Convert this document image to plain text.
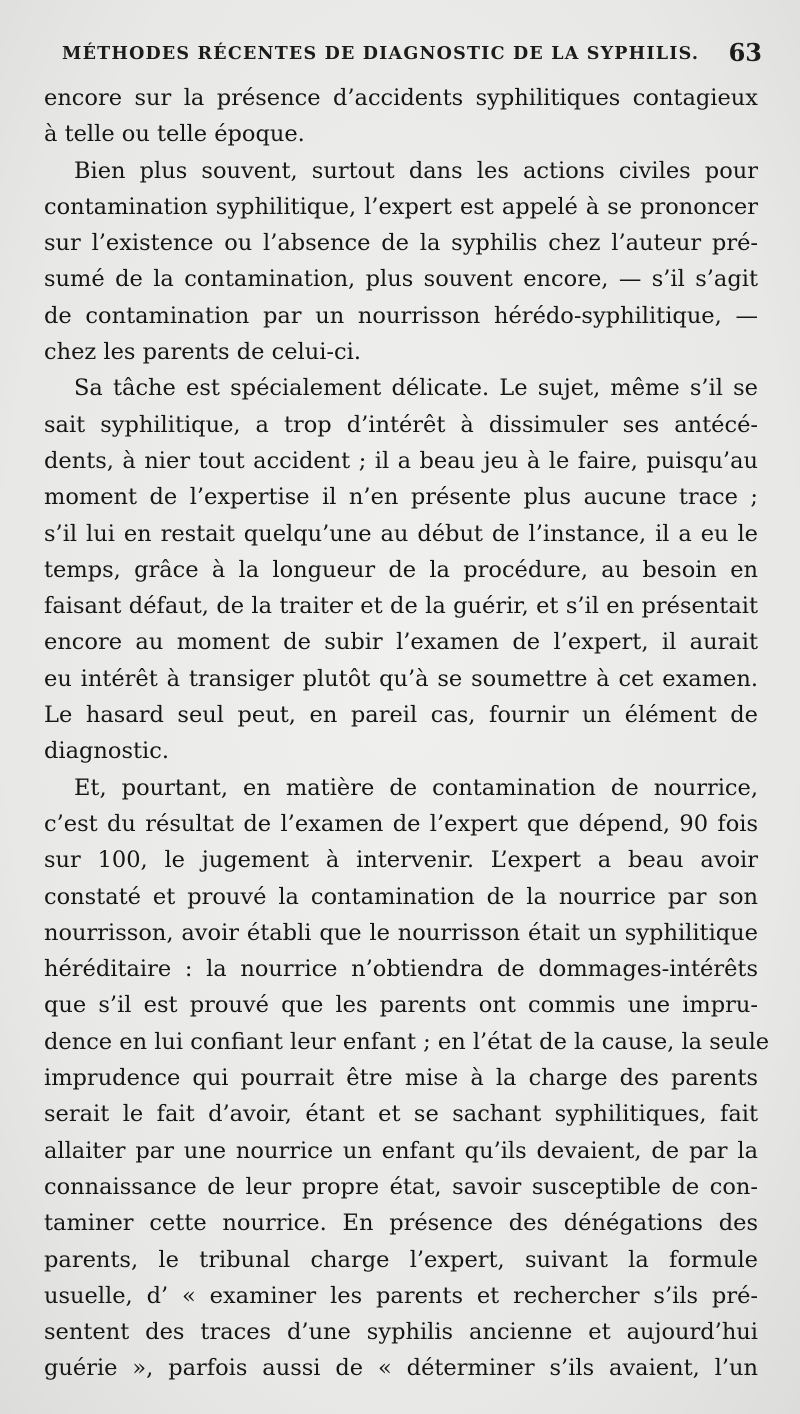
MÉTHODES RÉCENTES DE DIAGNOSTIC DE LA SYPHILIS. 63
encore sur la présence d’accidents syphilitiques contagieux
à telle ou telle époque.
Bien plus souvent, surtout dans les actions civiles pour
contamination syphilitique, l’expert est appelé à se prononcer
sur l’existence ou l’absence de la syphilis chez l’auteur pré-
sumé de la contamination, plus souvent encore, — s’il s’agit
de contamination par un nourrisson hérédo-syphilitique, —
chez les parents de celui-ci.
Sa tâche est spécialement délicate. Le sujet, même s’il se
sait syphilitique, a trop d’intérêt à dissimuler ses antécé-
dents, à nier tout accident ; il a beau jeu à le faire, puisqu’au
moment de l’expertise il n’en présente plus aucune trace ;
s’il lui en restait quelqu’une au début de l’instance, il a eu le
temps, grâce à la longueur de la procédure, au besoin en
faisant défaut, de la traiter et de la guérir, et s’il en présentait
encore au moment de subir l’examen de l’expert, il aurait
eu intérêt à transiger plutôt qu’à se soumettre à cet examen.
Le hasard seul peut, en pareil cas, fournir un élément de
diagnostic.
Et, pourtant, en matière de contamination de nourrice,
c’est du résultat de l’examen de l’expert que dépend, 90 fois
sur 100, le jugement à intervenir. L’expert a beau avoir
constaté et prouvé la contamination de la nourrice par son
nourrisson, avoir établi que le nourrisson était un syphilitique
héréditaire : la nourrice n’obtiendra de dommages-intérêts
que s’il est prouvé que les parents ont commis une impru-
dence en lui confiant leur enfant ; en l’état de la cause, la seule
imprudence qui pourrait être mise à la charge des parents
serait le fait d’avoir, étant et se sachant syphilitiques, fait
allaiter par une nourrice un enfant qu’ils devaient, de par la
connaissance de leur propre état, savoir susceptible de con-
taminer cette nourrice. En présence des dénégations des
parents, le tribunal charge l’expert, suivant la formule
usuelle, d’ « examiner les parents et rechercher s’ils pré-
sentent des traces d’une syphilis ancienne et aujourd’hui
guérie », parfois aussi de « déterminer s’ils avaient, l’un
